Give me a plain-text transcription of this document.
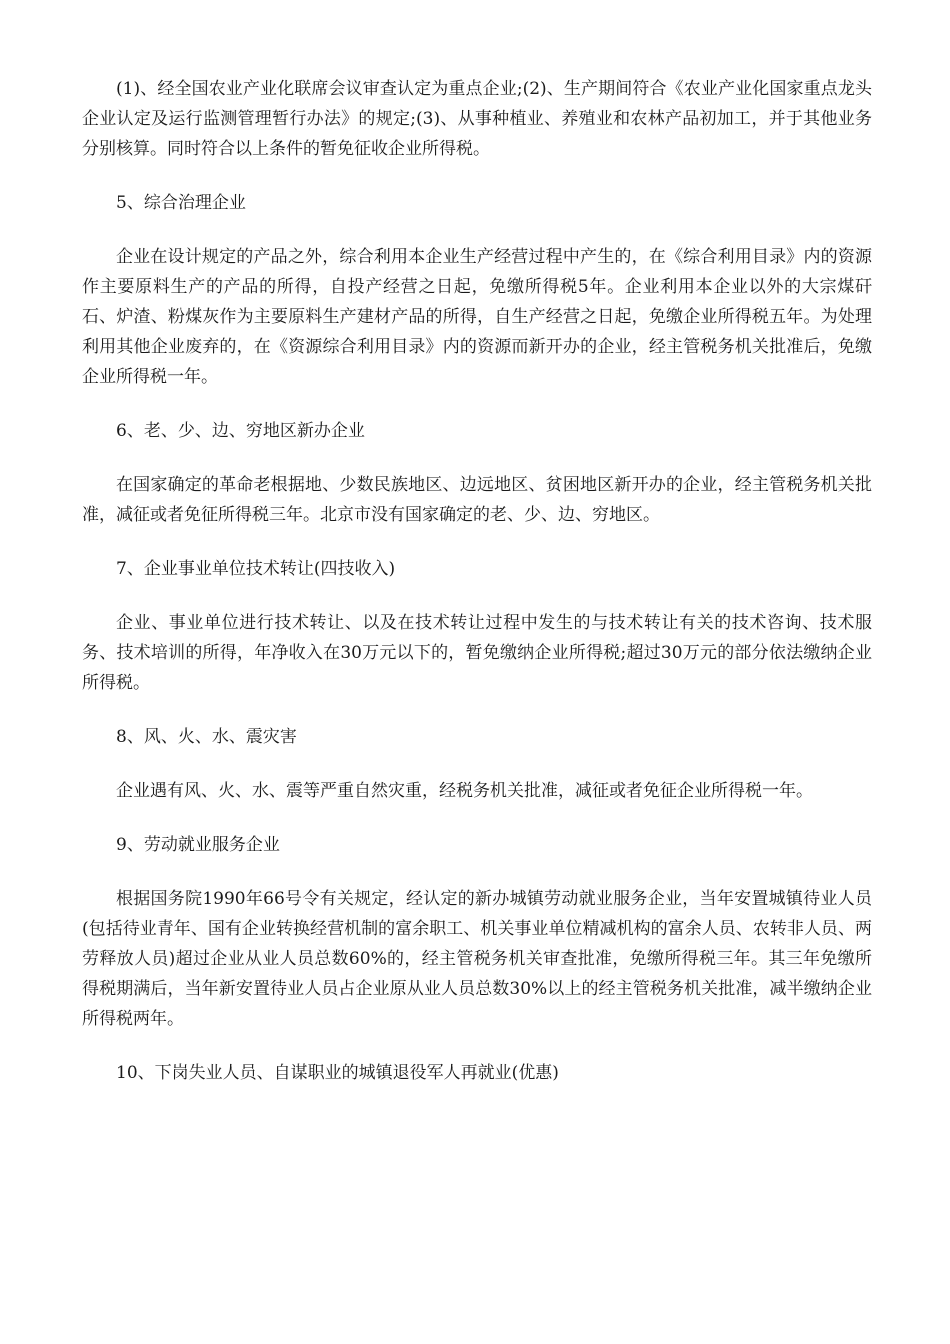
(1)、经全国农业产业化联席会议审查认定为重点企业;(2)、生产期间符合《农业产业化国家重点龙头企业认定及运行监测管理暂行办法》的规定;(3)、从事种植业、养殖业和农林产品初加工，并于其他业务分别核算。同时符合以上条件的暂免征收企业所得税。

5、综合治理企业

企业在设计规定的产品之外，综合利用本企业生产经营过程中产生的，在《综合利用目录》内的资源作主要原料生产的产品的所得，自投产经营之日起，免缴所得税5年。企业利用本企业以外的大宗煤矸石、炉渣、粉煤灰作为主要原料生产建材产品的所得，自生产经营之日起，免缴企业所得税五年。为处理利用其他企业废弃的，在《资源综合利用目录》内的资源而新开办的企业，经主管税务机关批准后，免缴企业所得税一年。

6、老、少、边、穷地区新办企业

在国家确定的革命老根据地、少数民族地区、边远地区、贫困地区新开办的企业，经主管税务机关批准，减征或者免征所得税三年。北京市没有国家确定的老、少、边、穷地区。

7、企业事业单位技术转让(四技收入)

企业、事业单位进行技术转让、以及在技术转让过程中发生的与技术转让有关的技术咨询、技术服务、技术培训的所得，年净收入在30万元以下的，暂免缴纳企业所得税;超过30万元的部分依法缴纳企业所得税。

8、风、火、水、震灾害

企业遇有风、火、水、震等严重自然灾重，经税务机关批准，减征或者免征企业所得税一年。

9、劳动就业服务企业

根据国务院1990年66号令有关规定，经认定的新办城镇劳动就业服务企业，当年安置城镇待业人员(包括待业青年、国有企业转换经营机制的富余职工、机关事业单位精减机构的富余人员、农转非人员、两劳释放人员)超过企业从业人员总数60%的，经主管税务机关审查批准，免缴所得税三年。其三年免缴所得税期满后，当年新安置待业人员占企业原从业人员总数30%以上的经主管税务机关批准，减半缴纳企业所得税两年。

10、下岗失业人员、自谋职业的城镇退役军人再就业(优惠)
